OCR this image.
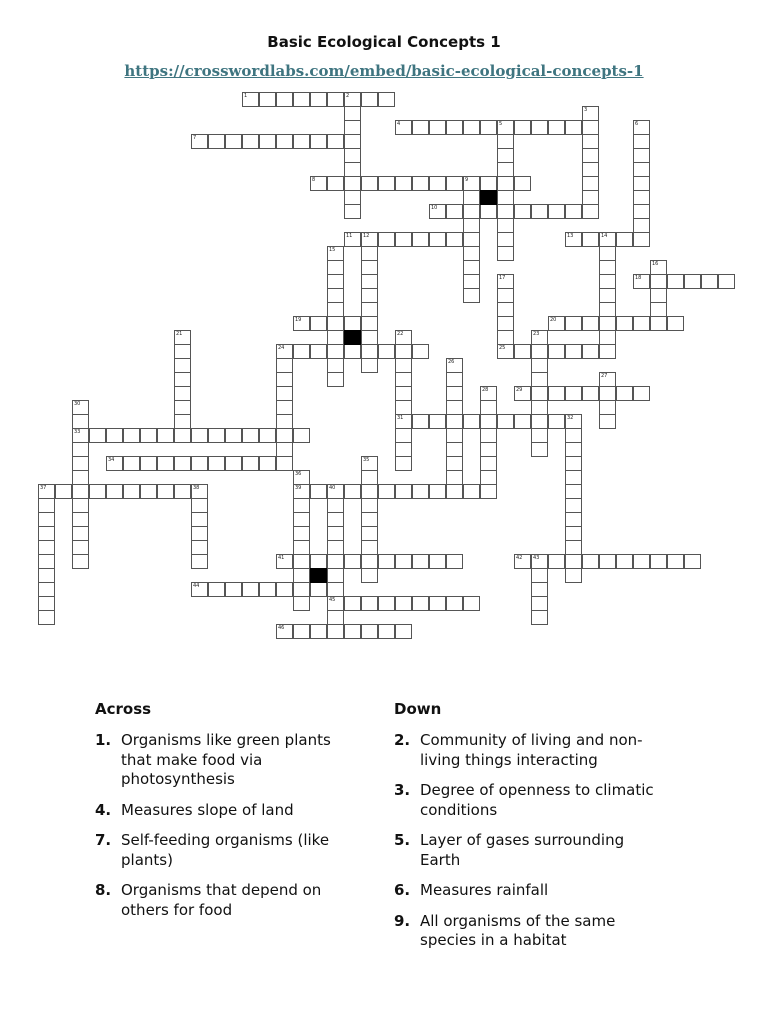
Basic Ecological Concepts 1
https://crosswordlabs.com/embed/basic-ecological-concepts-1
1	2
3
4	5	6
7
8	9
10
11 12	13	14
15
16
17
25
18
19	20
21	22
31
23
24
26
27
28	29
30
33
32
34	35
36
39
37	38	40
45
41	42 43
44
46
Across
1. Organisms like green plants that make food via photosynthesis
4. Measures slope of land
7. Self-feeding organisms (like plants)
8. Organisms that depend on others for food
Down
2. Community of living and non-living things interacting
3. Degree of openness to climatic conditions
5. Layer of gases surrounding Earth
6. Measures rainfall
9. All organisms of the same species in a habitat
